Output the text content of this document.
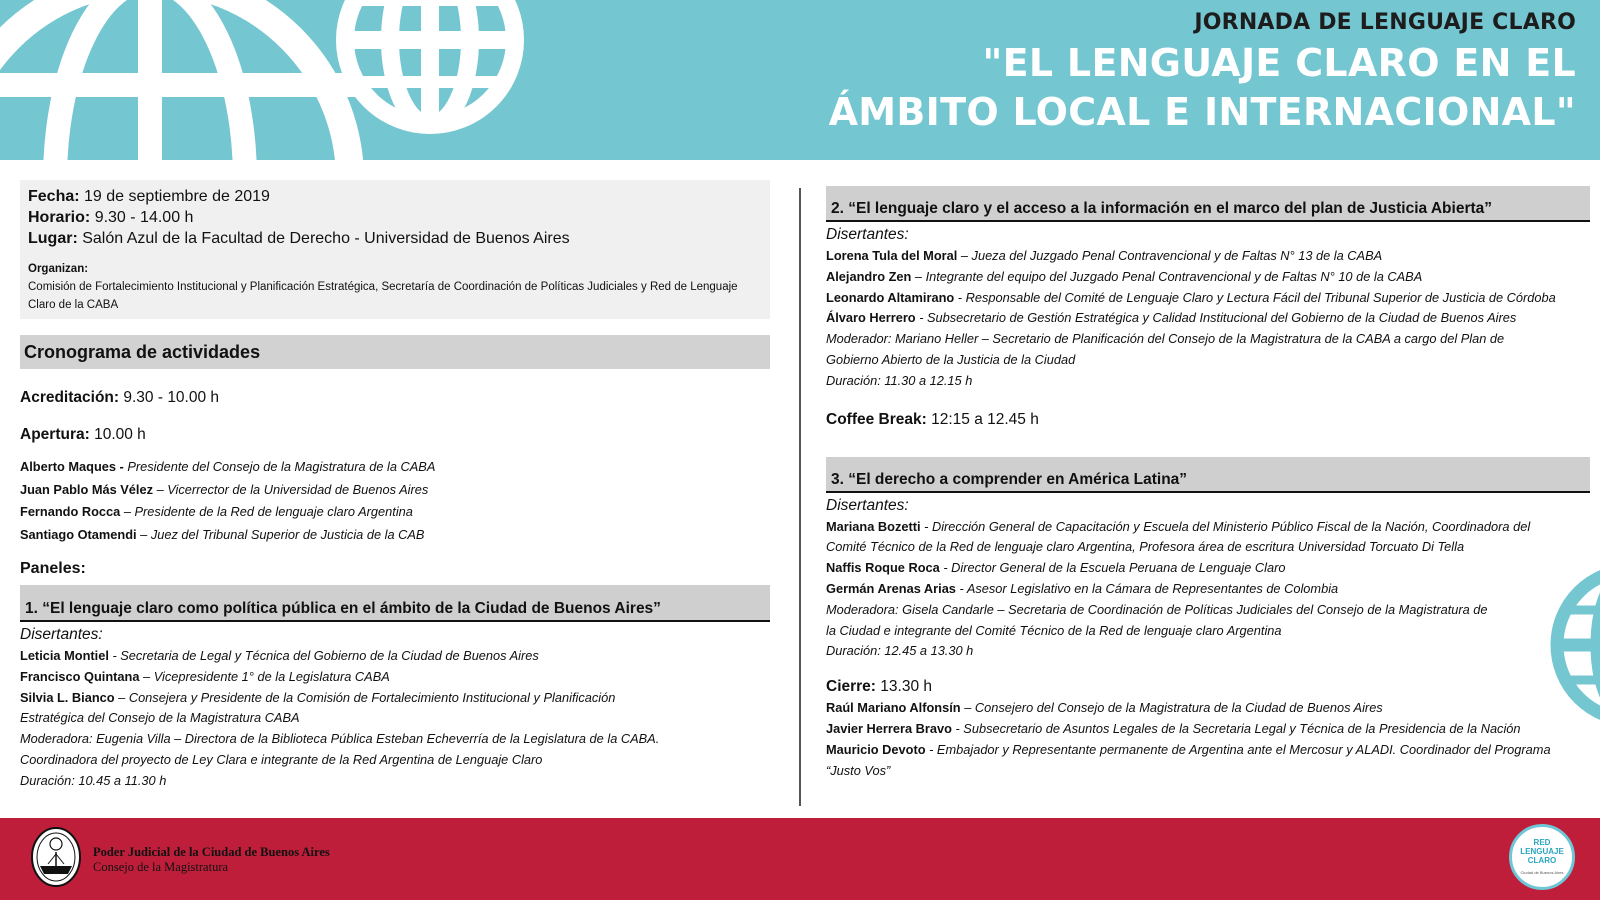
JORNADA DE LENGUAJE CLARO
"EL LENGUAJE CLARO EN EL
ÁMBITO LOCAL E INTERNACIONAL"
Fecha: 19 de septiembre de 2019
Horario: 9.30 - 14.00 h
Lugar: Salón Azul de la Facultad de Derecho - Universidad de Buenos Aires
Organizan:
Comisión de Fortalecimiento Institucional y Planificación Estratégica, Secretaría de Coordinación de Políticas Judiciales y Red de Lenguaje Claro de la CABA
Cronograma de actividades
Acreditación: 9.30 - 10.00 h
Apertura: 10.00 h
Alberto Maques - Presidente del Consejo de la Magistratura de la CABA
Juan Pablo Más Vélez – Vicerrector de la Universidad de Buenos Aires
Fernando Rocca – Presidente de la Red de lenguaje claro Argentina
Santiago Otamendi – Juez del Tribunal Superior de Justicia de la CAB
Paneles:
1. “El lenguaje claro como política pública en el ámbito de la Ciudad de Buenos Aires”
Disertantes:
Leticia Montiel - Secretaria de Legal y Técnica del Gobierno de la Ciudad de Buenos Aires
Francisco Quintana – Vicepresidente 1° de la Legislatura CABA
Silvia L. Bianco – Consejera y Presidente de la Comisión de Fortalecimiento Institucional y Planificación
Estratégica del Consejo de la Magistratura CABA
Moderadora: Eugenia Villa – Directora de la Biblioteca Pública Esteban Echeverría de la Legislatura de la CABA.
Coordinadora del proyecto de Ley Clara e integrante de la Red Argentina de Lenguaje Claro
Duración: 10.45 a 11.30 h
2. “El lenguaje claro y el acceso a la información en el marco del plan de Justicia Abierta”
Disertantes:
Lorena Tula del Moral – Jueza del Juzgado Penal Contravencional y de Faltas N° 13 de la CABA
Alejandro Zen – Integrante del equipo del Juzgado Penal Contravencional y de Faltas N° 10 de la CABA
Leonardo Altamirano - Responsable del Comité de Lenguaje Claro y Lectura Fácil del Tribunal Superior de Justicia de Córdoba
Álvaro Herrero - Subsecretario de Gestión Estratégica y Calidad Institucional del Gobierno de la Ciudad de Buenos Aires
Moderador: Mariano Heller – Secretario de Planificación del Consejo de la Magistratura de la CABA a cargo del Plan de
Gobierno Abierto de la Justicia de la Ciudad
Duración: 11.30 a 12.15 h
Coffee Break: 12:15 a 12.45 h
3. “El derecho a comprender en América Latina”
Disertantes:
Mariana Bozetti - Dirección General de Capacitación y Escuela del Ministerio Público Fiscal de la Nación, Coordinadora del
Comité Técnico de la Red de lenguaje claro Argentina, Profesora área de escritura Universidad Torcuato Di Tella
Naffis Roque Roca - Director General de la Escuela Peruana de Lenguaje Claro
Germán Arenas Arias - Asesor Legislativo en la Cámara de Representantes de Colombia
Moderadora: Gisela Candarle – Secretaria de Coordinación de Políticas Judiciales del Consejo de la Magistratura de
la Ciudad e integrante del Comité Técnico de la Red de lenguaje claro Argentina
Duración: 12.45 a 13.30 h
Cierre: 13.30 h
Raúl Mariano Alfonsín – Consejero del Consejo de la Magistratura de la Ciudad de Buenos Aires
Javier Herrera Bravo - Subsecretario de Asuntos Legales de la Secretaria Legal y Técnica de la Presidencia de la Nación
Mauricio Devoto - Embajador y Representante permanente de Argentina ante el Mercosur y ALADI. Coordinador del Programa
“Justo Vos”
Poder Judicial de la Ciudad de Buenos Aires
Consejo de la Magistratura
RED
LENGUAJE
CLARO
Ciudad de Buenos Aires
